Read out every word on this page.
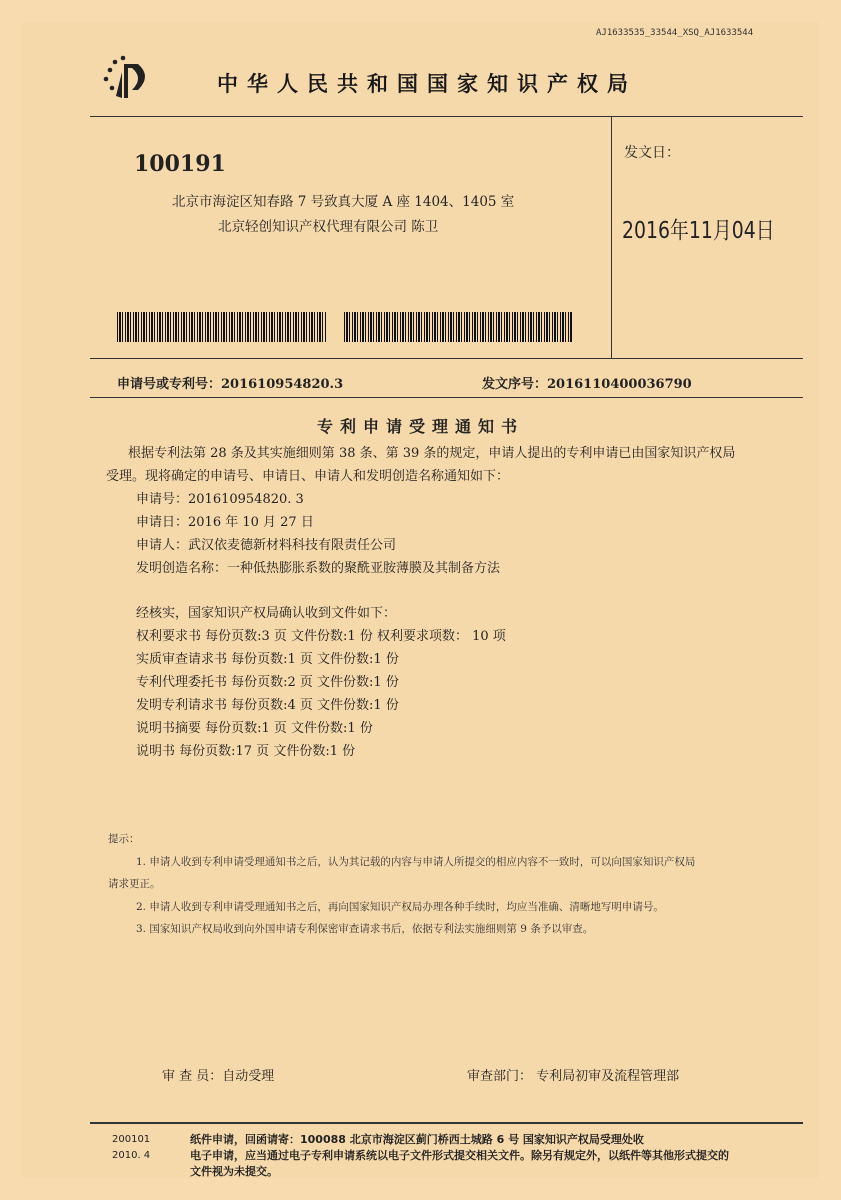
AJ1633535_33544_XSQ_AJ1633544
中华人民共和国国家知识产权局
100191
北京市海淀区知春路 7 号致真大厦 A 座 1404、1405 室
北京轻创知识产权代理有限公司 陈卫
发文日：
2016年11月04日
申请号或专利号：201610954820.3	发文序号：2016110400036790
专利申请受理通知书

根据专利法第 28 条及其实施细则第 38 条、第 39 条的规定，申请人提出的专利申请已由国家知识产权局

受理。现将确定的申请号、申请日、申请人和发明创造名称通知如下：

申请号：201610954820. 3

申请日：2016 年 10 月 27 日

申请人：武汉依麦德新材料科技有限责任公司

发明创造名称：一种低热膨胀系数的聚酰亚胺薄膜及其制备方法

经核实，国家知识产权局确认收到文件如下：

权利要求书 每份页数:3 页 文件份数:1 份 权利要求项数： 10 项

实质审查请求书 每份页数:1 页 文件份数:1 份

专利代理委托书 每份页数:2 页 文件份数:1 份

发明专利请求书 每份页数:4 页 文件份数:1 份

说明书摘要 每份页数:1 页 文件份数:1 份

说明书 每份页数:17 页 文件份数:1 份

提示：

1. 申请人收到专利申请受理通知书之后，认为其记载的内容与申请人所提交的相应内容不一致时，可以向国家知识产权局

请求更正。

2. 申请人收到专利申请受理通知书之后，再向国家知识产权局办理各种手续时，均应当准确、清晰地写明申请号。

3. 国家知识产权局收到向外国申请专利保密审查请求书后，依据专利法实施细则第 9 条予以审查。

审 查 员：自动受理	审查部门： 专利局初审及流程管理部
200101
2010. 4
纸件申请，回函请寄：100088 北京市海淀区蓟门桥西土城路 6 号 国家知识产权局受理处收
电子申请，应当通过电子专利申请系统以电子文件形式提交相关文件。除另有规定外，以纸件等其他形式提交的
文件视为未提交。
